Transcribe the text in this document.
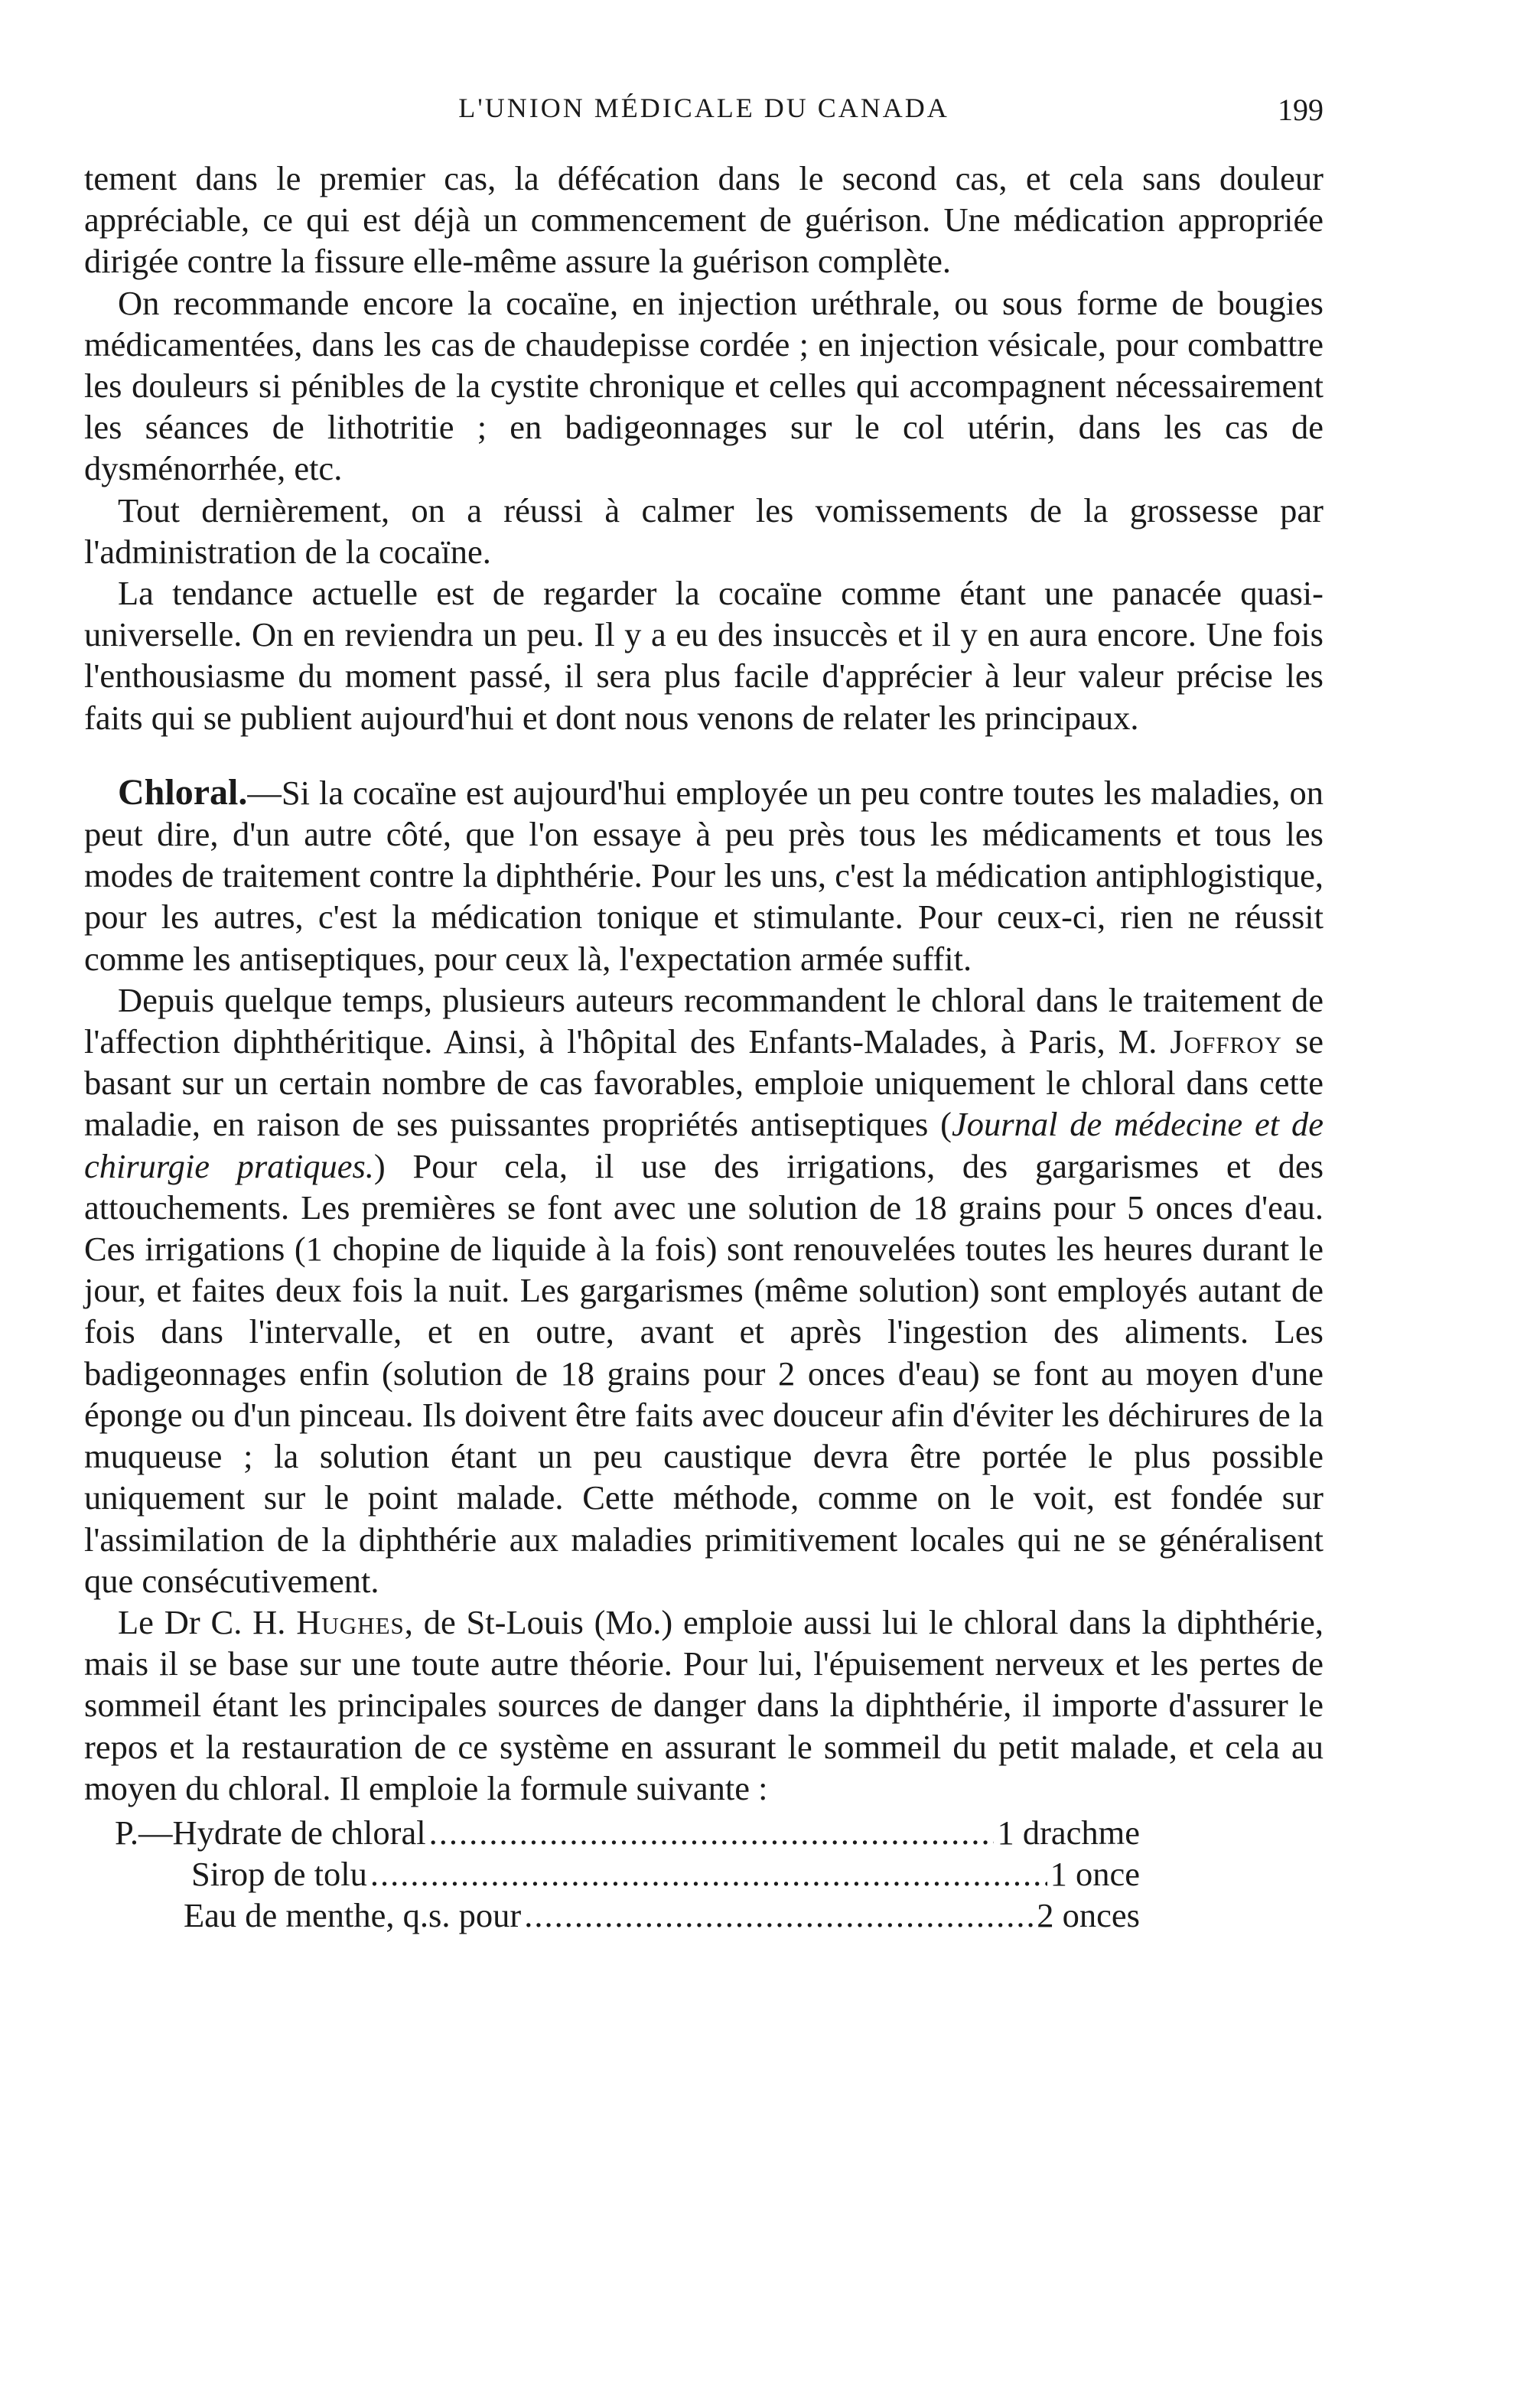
L'UNION MÉDICALE DU CANADA	199

tement dans le premier cas, la défécation dans le second cas, et cela sans douleur appréciable, ce qui est déjà un commencement de guérison. Une médication appropriée dirigée contre la fissure elle-même assure la guérison complète.

On recommande encore la cocaïne, en injection uréthrale, ou sous forme de bougies médicamentées, dans les cas de chaudepisse cordée ; en injection vésicale, pour combattre les douleurs si pénibles de la cystite chronique et celles qui accompagnent nécessairement les séances de lithotritie ; en badigeonnages sur le col utérin, dans les cas de dysménorrhée, etc.

Tout dernièrement, on a réussi à calmer les vomissements de la grossesse par l'administration de la cocaïne.

La tendance actuelle est de regarder la cocaïne comme étant une panacée quasi-universelle. On en reviendra un peu. Il y a eu des insuccès et il y en aura encore. Une fois l'enthousiasme du moment passé, il sera plus facile d'apprécier à leur valeur précise les faits qui se publient aujourd'hui et dont nous venons de relater les principaux.

Chloral.—Si la cocaïne est aujourd'hui employée un peu contre toutes les maladies, on peut dire, d'un autre côté, que l'on essaye à peu près tous les médicaments et tous les modes de traitement contre la diphthérie. Pour les uns, c'est la médication antiphlogistique, pour les autres, c'est la médication tonique et stimulante. Pour ceux-ci, rien ne réussit comme les antiseptiques, pour ceux là, l'expectation armée suffit.

Depuis quelque temps, plusieurs auteurs recommandent le chloral dans le traitement de l'affection diphthéritique. Ainsi, à l'hôpital des Enfants-Malades, à Paris, M. Joffroy se basant sur un certain nombre de cas favorables, emploie uniquement le chloral dans cette maladie, en raison de ses puissantes propriétés antiseptiques (Journal de médecine et de chirurgie pratiques.) Pour cela, il use des irrigations, des gargarismes et des attouchements. Les premières se font avec une solution de 18 grains pour 5 onces d'eau. Ces irrigations (1 chopine de liquide à la fois) sont renouvelées toutes les heures durant le jour, et faites deux fois la nuit. Les gargarismes (même solution) sont employés autant de fois dans l'intervalle, et en outre, avant et après l'ingestion des aliments. Les badigeonnages enfin (solution de 18 grains pour 2 onces d'eau) se font au moyen d'une éponge ou d'un pinceau. Ils doivent être faits avec douceur afin d'éviter les déchirures de la muqueuse ; la solution étant un peu caustique devra être portée le plus possible uniquement sur le point malade. Cette méthode, comme on le voit, est fondée sur l'assimilation de la diphthérie aux maladies primitivement locales qui ne se généralisent que consécutivement.

Le Dr C. H. Hughes, de St-Louis (Mo.) emploie aussi lui le chloral dans la diphthérie, mais il se base sur une toute autre théorie. Pour lui, l'épuisement nerveux et les pertes de sommeil étant les principales sources de danger dans la diphthérie, il importe d'assurer le repos et la restauration de ce système en assurant le sommeil du petit malade, et cela au moyen du chloral. Il emploie la formule suivante :

P.—Hydrate de chloral .....	1 drachme
Sirop de tolu .....	1 once
Eau de menthe, q.s. pour .....	2 onces
